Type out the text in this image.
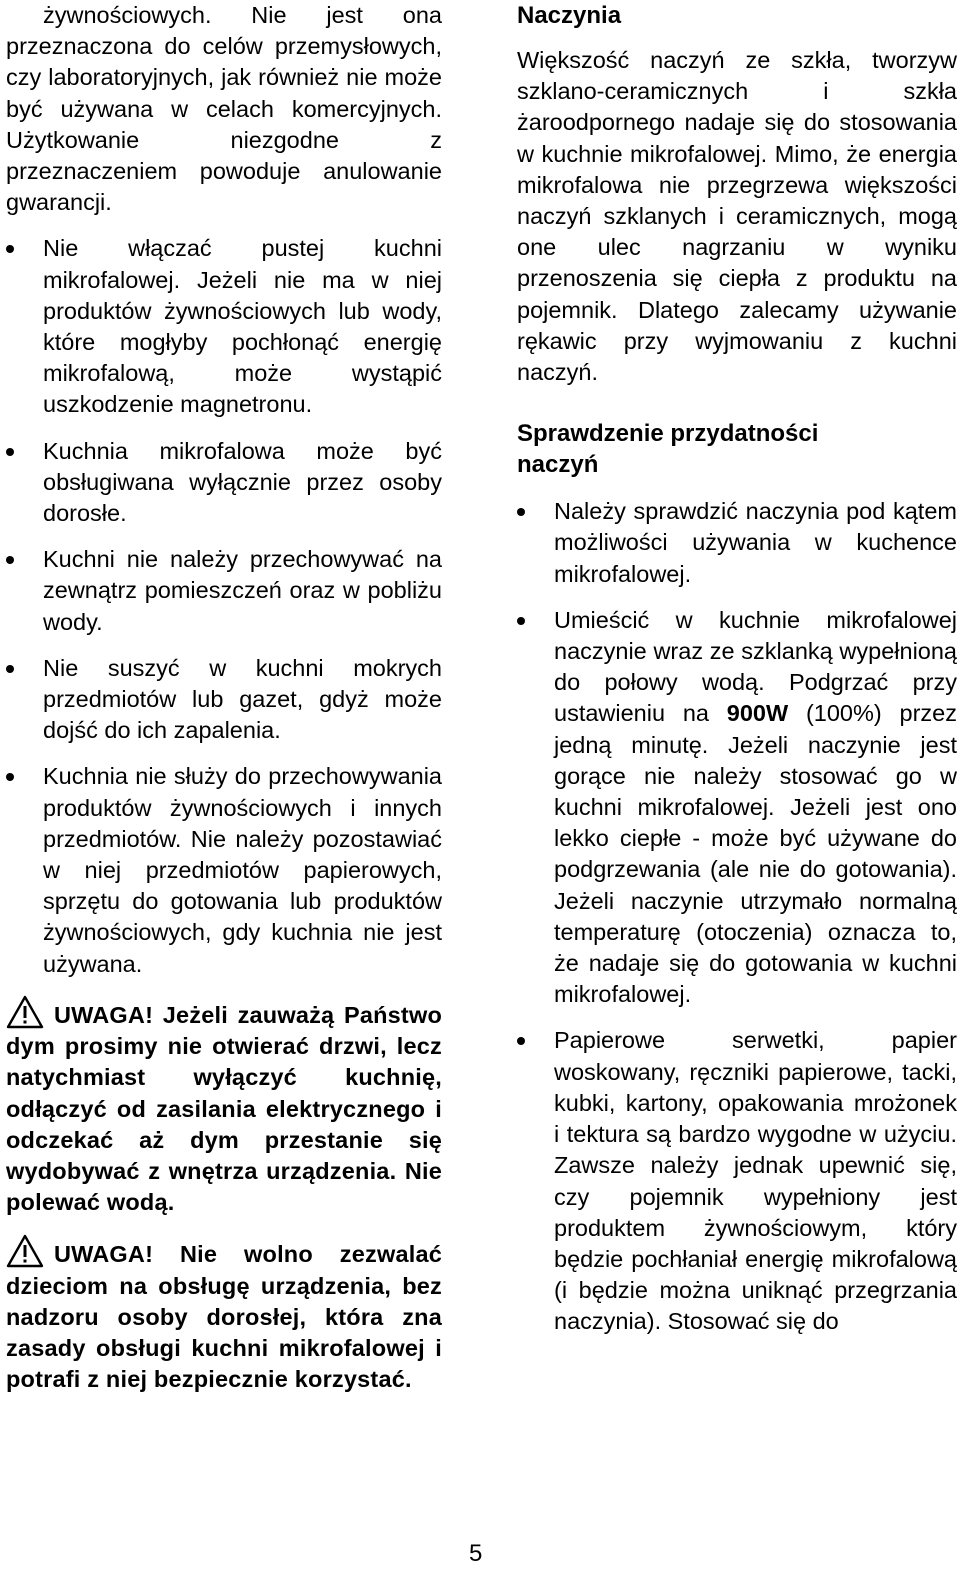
żywnościowych. Nie jest ona przeznaczona do celów przemysłowych, czy laboratoryjnych, jak również nie może być używana w celach komercyjnych. Użytkowanie niezgodne z przeznaczeniem powoduje anulowanie gwarancji.

Nie włączać pustej kuchni mikrofalowej. Jeżeli nie ma w niej produktów żywnościowych lub wody, które mogłyby pochłonąć energię mikrofalową, może wystąpić uszkodzenie magnetronu.
Kuchnia mikrofalowa może być obsługiwana wyłącznie przez osoby dorosłe.
Kuchni nie należy przechowywać na zewnątrz pomieszczeń oraz w pobliżu wody.
Nie suszyć w kuchni mokrych przedmiotów lub gazet, gdyż może dojść do ich zapalenia.
Kuchnia nie służy do przechowywania produktów żywnościowych i innych przedmiotów. Nie należy pozostawiać w niej przedmiotów papierowych, sprzętu do gotowania lub produktów żywnościowych, gdy kuchnia nie jest używana.

UWAGA! Jeżeli zauważą Państwo dym prosimy nie otwierać drzwi, lecz natychmiast wyłączyć kuchnię, odłączyć od zasilania elektrycznego i odczekać aż dym przestanie się wydobywać z wnętrza urządzenia. Nie polewać wodą.

UWAGA! Nie wolno zezwalać dzieciom na obsługę urządzenia, bez nadzoru osoby dorosłej, która zna zasady obsługi kuchni mikrofalowej i potrafi z niej bezpiecznie korzystać.

Naczynia

Większość naczyń ze szkła, tworzyw szklano-ceramicznych i szkła żaroodpornego nadaje się do stosowania w kuchnie mikrofalowej. Mimo, że energia mikrofalowa nie przegrzewa większości naczyń szklanych i ceramicznych, mogą one ulec nagrzaniu w wyniku przenoszenia się ciepła z produktu na pojemnik. Dlatego zalecamy używanie rękawic przy wyjmowaniu z kuchni naczyń.

Sprawdzenie przydatności naczyń
Należy sprawdzić naczynia pod kątem możliwości używania w kuchence mikrofalowej.
Umieścić w kuchnie mikrofalowej naczynie wraz ze szklanką wypełnioną do połowy wodą. Podgrzać przy ustawieniu na 900W (100%) przez jedną minutę. Jeżeli naczynie jest gorące nie należy stosować go w kuchni mikrofalowej. Jeżeli jest ono lekko ciepłe - może być używane do podgrzewania (ale nie do gotowania). Jeżeli naczynie utrzymało normalną temperaturę (otoczenia) oznacza to, że nadaje się do gotowania w kuchni mikrofalowej.
Papierowe serwetki, papier woskowany, ręczniki papierowe, tacki, kubki, kartony, opakowania mrożonek i tektura są bardzo wygodne w użyciu. Zawsze należy jednak upewnić się, czy pojemnik wypełniony jest produktem żywnościowym, który będzie pochłaniał energię mikrofalową (i będzie można uniknąć przegrzania naczynia). Stosować się do
5
